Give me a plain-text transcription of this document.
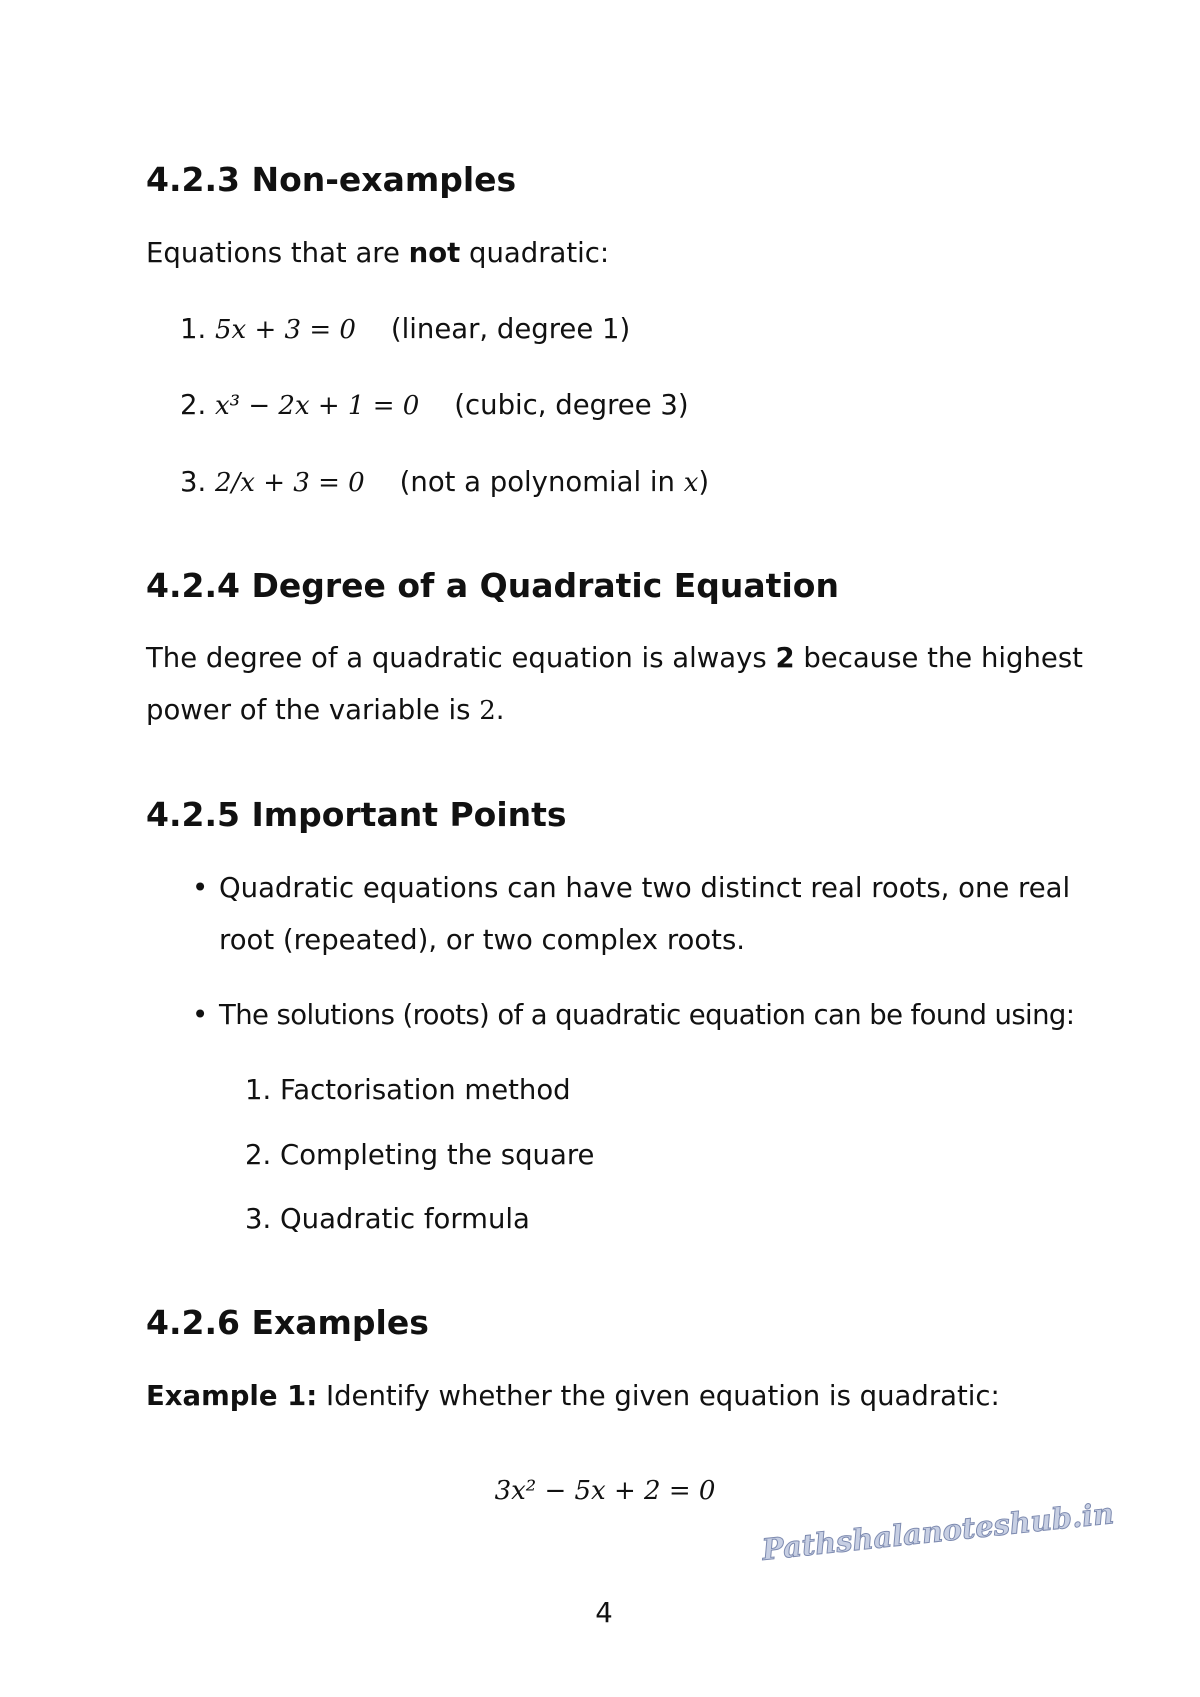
4.2.3 Non-examples
Equations that are not quadratic:
1. 5x + 3 = 0 (linear, degree 1)
2. x³ − 2x + 1 = 0 (cubic, degree 3)
3. 2/x + 3 = 0 (not a polynomial in x)
4.2.4 Degree of a Quadratic Equation
The degree of a quadratic equation is always 2 because the highest
power of the variable is 2.
4.2.5 Important Points
• Quadratic equations can have two distinct real roots, one real
root (repeated), or two complex roots.
• The solutions (roots) of a quadratic equation can be found using:
1. Factorisation method
2. Completing the square
3. Quadratic formula
4.2.6 Examples
Example 1: Identify whether the given equation is quadratic:
3x² − 5x + 2 = 0
4
Pathshalanoteshub.in
